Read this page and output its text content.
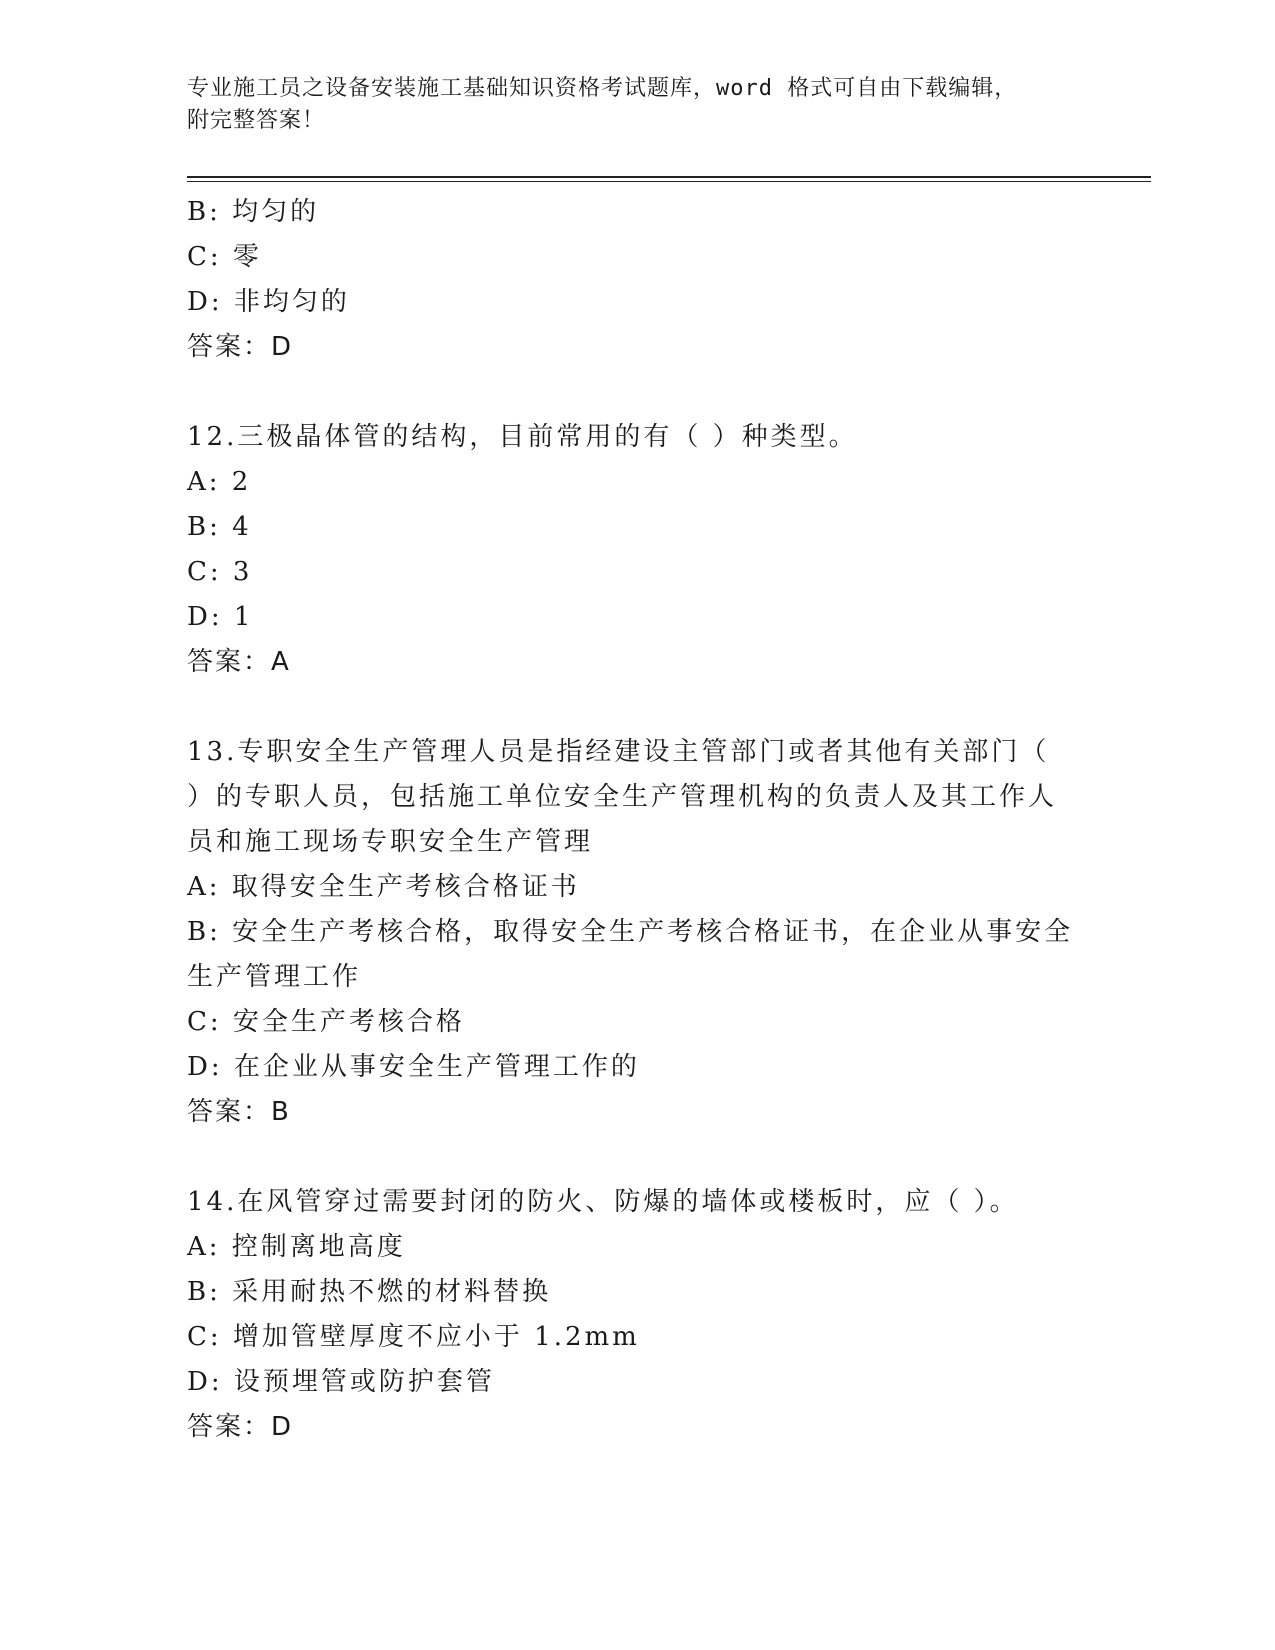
专业施工员之设备安装施工基础知识资格考试题库，word 格式可自由下载编辑，
附完整答案！
B: 均匀的
C: 零
D: 非均匀的
答案：D
12.三极晶体管的结构，目前常用的有（ ）种类型。
A: 2
B: 4
C: 3
D: 1
答案：A
13.专职安全生产管理人员是指经建设主管部门或者其他有关部门（
）的专职人员，包括施工单位安全生产管理机构的负责人及其工作人
员和施工现场专职安全生产管理
A: 取得安全生产考核合格证书
B: 安全生产考核合格，取得安全生产考核合格证书，在企业从事安全
生产管理工作
C: 安全生产考核合格
D: 在企业从事安全生产管理工作的
答案：B
14.在风管穿过需要封闭的防火、防爆的墙体或楼板时，应（ ）。
A: 控制离地高度
B: 采用耐热不燃的材料替换
C: 增加管壁厚度不应小于 1.2mm
D: 设预埋管或防护套管
答案：D
